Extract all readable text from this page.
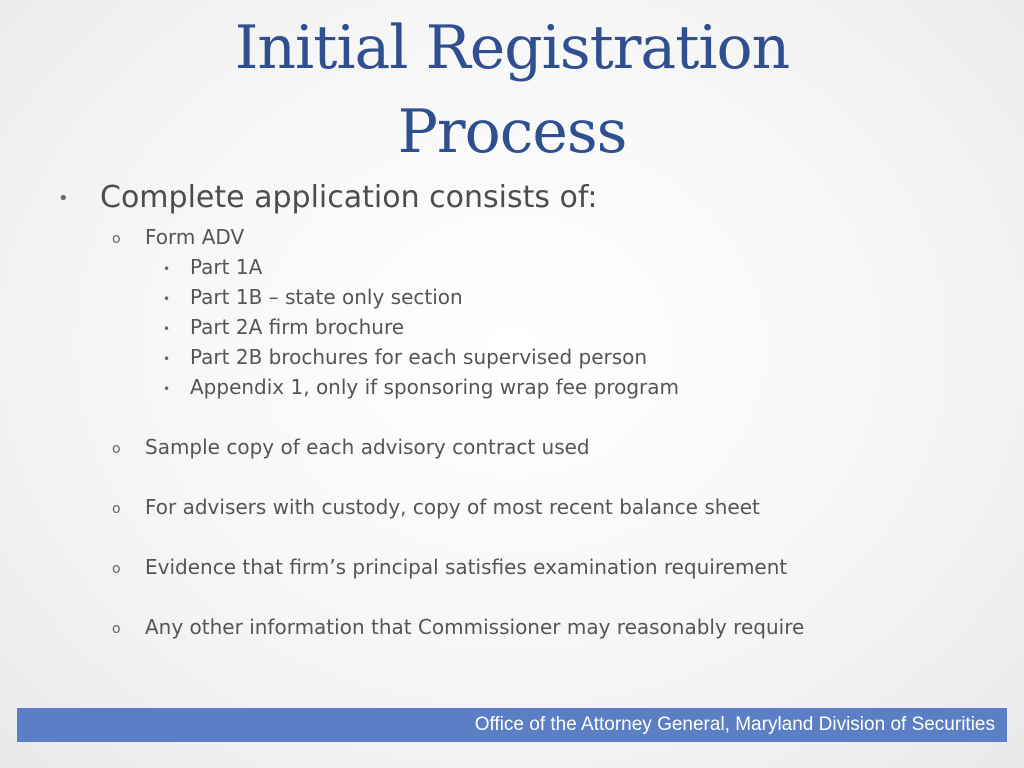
Initial Registration
Process
• Complete application consists of:
o Form ADV
• Part 1A
• Part 1B – state only section
• Part 2A firm brochure
• Part 2B brochures for each supervised person
• Appendix 1, only if sponsoring wrap fee program
o Sample copy of each advisory contract used
o For advisers with custody, copy of most recent balance sheet
o Evidence that firm’s principal satisfies examination requirement
o Any other information that Commissioner may reasonably require
Office of the Attorney General, Maryland Division of Securities
